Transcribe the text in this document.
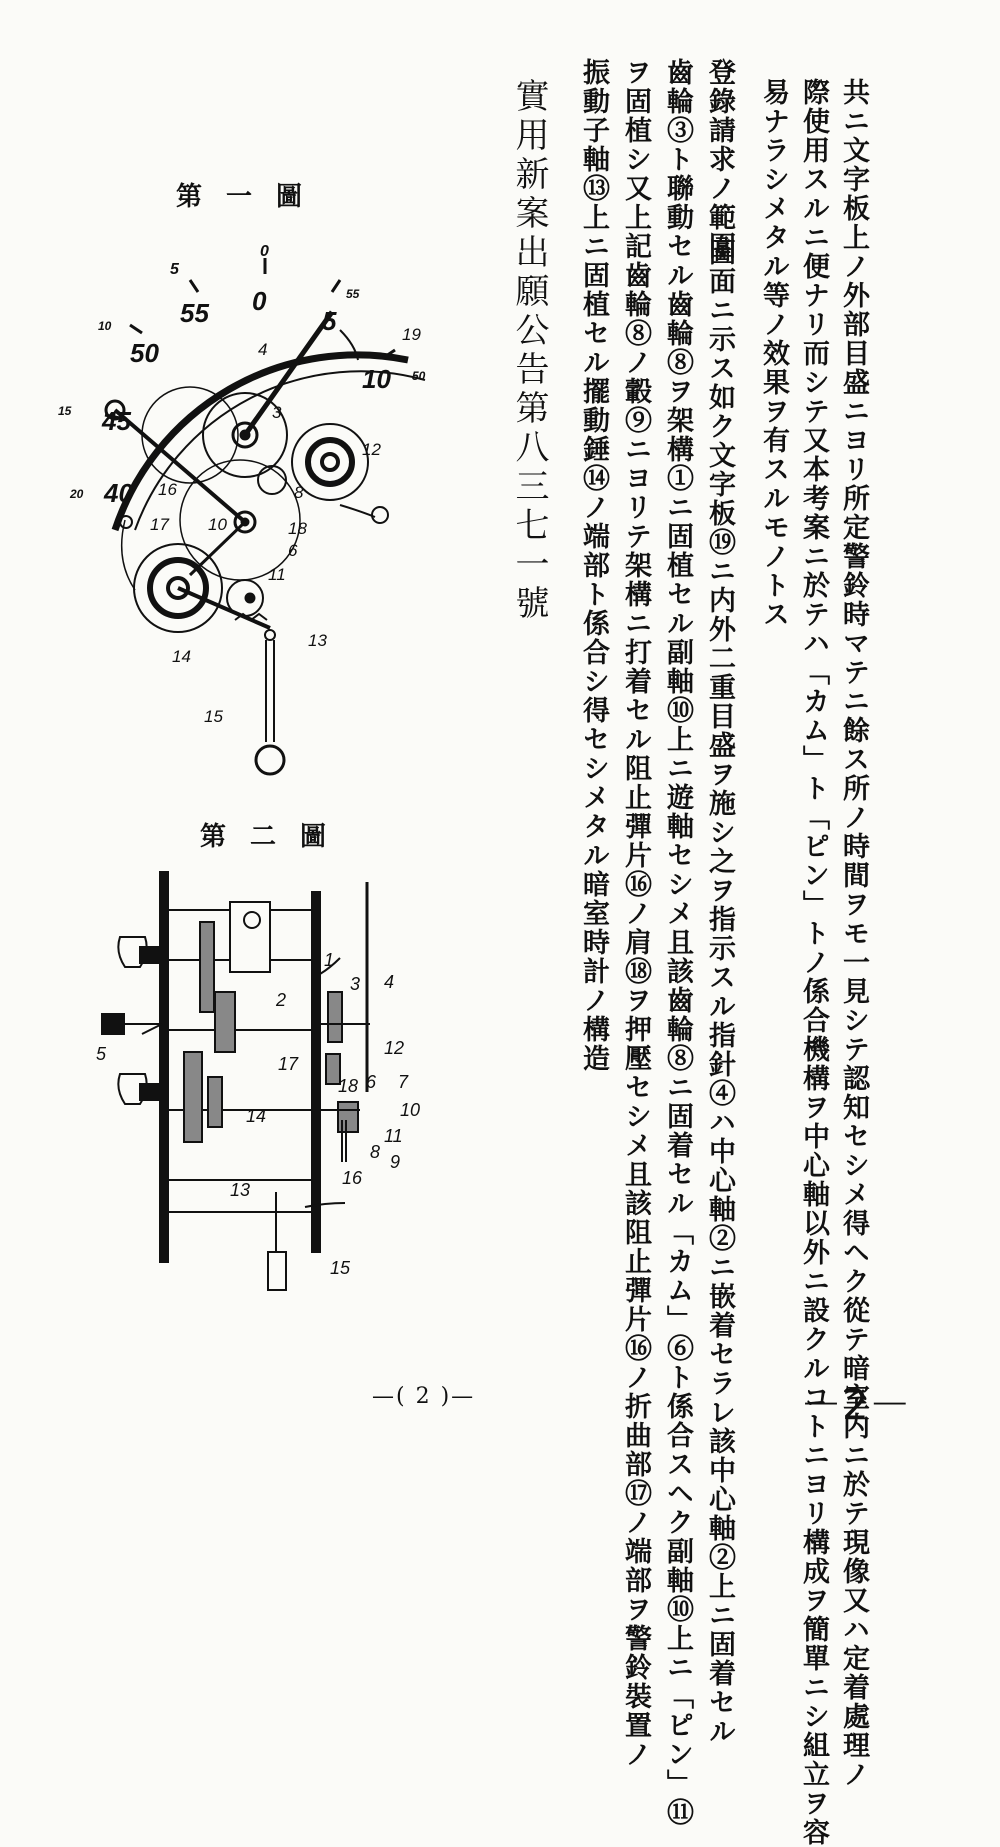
共ニ文字板上ノ外部目盛ニヨリ所定警鈴時マテニ餘ス所ノ時間ヲモ一見シテ認知セシメ得ヘク從テ暗室内ニ於テ現像又ハ定着處理ノ
際使用スルニ便ナリ而シテ又本考案ニ於テハ「カム」ト「ピン」トノ係合機構ヲ中心軸以外ニ設クルコトニヨリ構成ヲ簡單ニシ組立ヲ容
易ナラシメタル等ノ效果ヲ有スルモノトス
登錄請求ノ範圍
圖面ニ示ス如ク文字板⑲ニ内外二重目盛ヲ施シ之ヲ指示スル指針④ハ中心軸②ニ嵌着セラレ該中心軸②上ニ固着セル
齒輪③ト聯動セル齒輪⑧ヲ架構①ニ固植セル副軸⑩上ニ遊軸セシメ且該齒輪⑧ニ固着セル「カム」⑥ト係合スヘク副軸⑩上ニ「ピン」⑪
ヲ固植シ又上記齒輪⑧ノ轂⑨ニヨリテ架構ニ打着セル阻止彈片⑯ノ肩⑱ヲ押壓セシメ且該阻止彈片⑯ノ折曲部⑰ノ端部ヲ警鈴裝置ノ
振動子軸⑬上ニ固植セル擺動錘⑭ノ端部ト係合シ得セシメタル暗室時計ノ構造
實用新案出願公告第八三七一號
第一圖
第二圖
0
5
10
15
20
55
50
0
55
50
45
40
5
10
3
4
6
8
10
11
12
13
14
15
16
17	18
19
1
2
3 4
5
6 7
8 9
10
11
12
13
14
15
16
17
18
—( 2 )—	－2－
